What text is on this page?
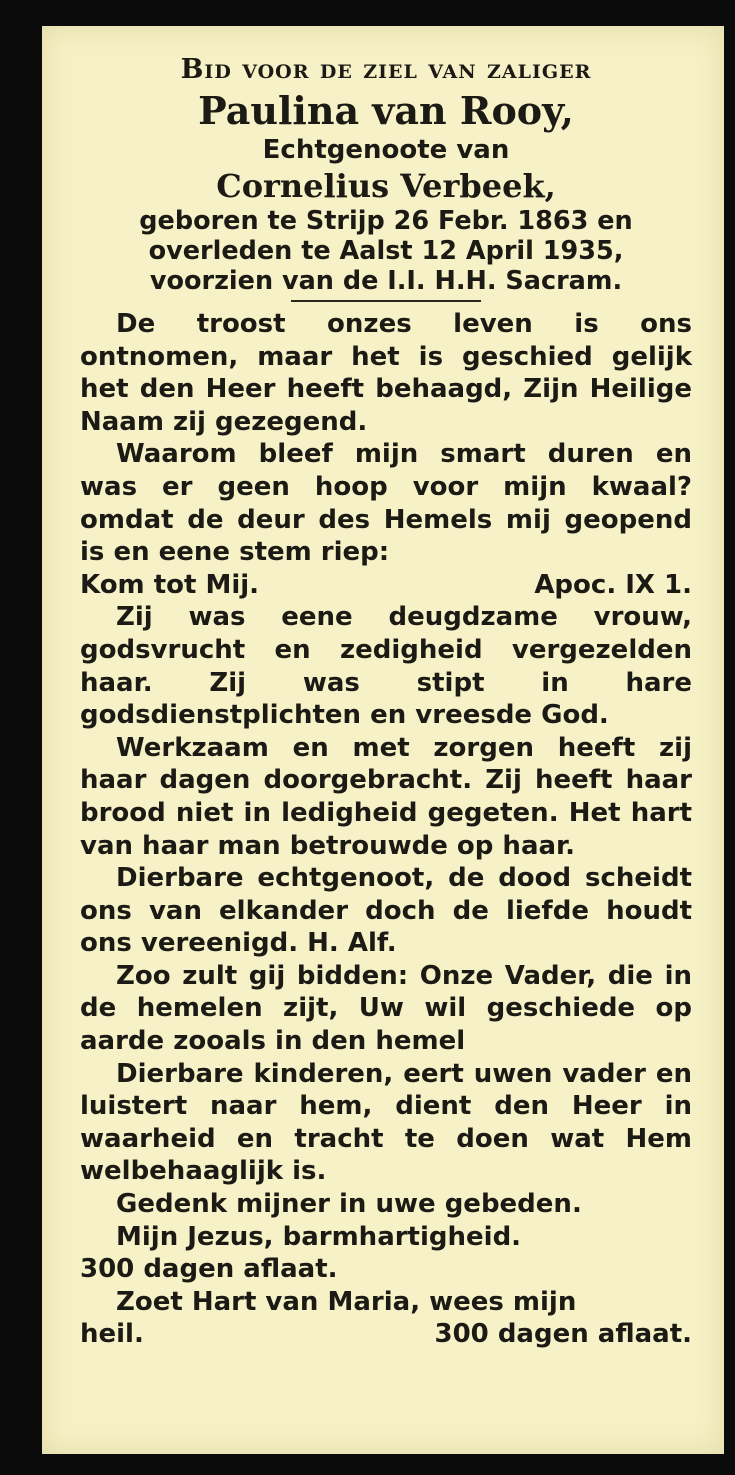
Bid voor de ziel van zaliger

Paulina van Rooy,

Echtgenoote van

Cornelius Verbeek,

geboren te Strijp 26 Febr. 1863 en

overleden te Aalst 12 April 1935,

voorzien van de I.I. H.H. Sacram.

De troost onzes leven is ons ontnomen, maar het is geschied gelijk het den Heer heeft behaagd, Zijn Heilige Naam zij gezegend.

Waarom bleef mijn smart duren en was er geen hoop voor mijn kwaal? omdat de deur des Hemels mij geopend is en eene stem riep:

Kom tot Mij.	Apoc. IX 1.

Zij was eene deugdzame vrouw, godsvrucht en zedigheid vergezelden haar. Zij was stipt in hare godsdienstplichten en vreesde God.

Werkzaam en met zorgen heeft zij haar dagen doorgebracht. Zij heeft haar brood niet in ledigheid gegeten. Het hart van haar man betrouwde op haar.

Dierbare echtgenoot, de dood scheidt ons van elkander doch de liefde houdt ons vereenigd. H. Alf.

Zoo zult gij bidden: Onze Vader, die in de hemelen zijt, Uw wil geschiede op aarde zooals in den hemel

Dierbare kinderen, eert uwen vader en luistert naar hem, dient den Heer in waarheid en tracht te doen wat Hem welbehaaglijk is.

Gedenk mijner in uwe gebeden.

Mijn Jezus, barmhartigheid.

300 dagen aflaat.

Zoet Hart van Maria, wees mijn

heil.	300 dagen aflaat.
